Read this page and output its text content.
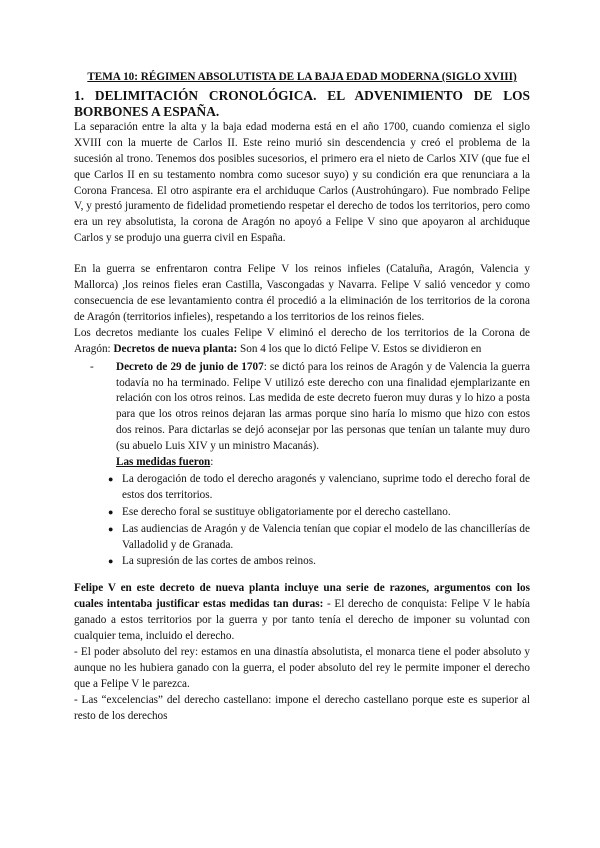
TEMA 10: RÉGIMEN ABSOLUTISTA DE LA BAJA EDAD MODERNA (SIGLO XVIII)

1. DELIMITACIÓN CRONOLÓGICA. EL ADVENIMIENTO DE LOS BORBONES A ESPAÑA.

La separación entre la alta y la baja edad moderna está en el año 1700, cuando comienza el siglo XVIII con la muerte de Carlos II. Este reino murió sin descendencia y creó el problema de la sucesión al trono. Tenemos dos posibles sucesorios, el primero era el nieto de Carlos XIV (que fue el que Carlos II en su testamento nombra como sucesor suyo) y su condición era que renunciara a la Corona Francesa. El otro aspirante era el archiduque Carlos (Austrohúngaro). Fue nombrado Felipe V, y prestó juramento de fidelidad prometiendo respetar el derecho de todos los territorios, pero como era un rey absolutista, la corona de Aragón no apoyó a Felipe V sino que apoyaron al archiduque Carlos y se produjo una guerra civil en España.

En la guerra se enfrentaron contra Felipe V los reinos infieles (Cataluña, Aragón, Valencia y Mallorca) ,los reinos fieles eran Castilla, Vascongadas y Navarra. Felipe V salió vencedor y como consecuencia de ese levantamiento contra él procedió a la eliminación de los territorios de la corona de Aragón (territorios infieles), respetando a los territorios de los reinos fieles.

Los decretos mediante los cuales Felipe V eliminó el derecho de los territorios de la Corona de Aragón: Decretos de nueva planta: Son 4 los que lo dictó Felipe V. Estos se dividieron en

-	Decreto de 29 de junio de 1707: se dictó para los reinos de Aragón y de Valencia la guerra todavía no ha terminado. Felipe V utilizó este derecho con una finalidad ejemplarizante en relación con los otros reinos. Las medida de este decreto fueron muy duras y lo hizo a posta para que los otros reinos dejaran las armas porque sino haría lo mismo que hizo con estos dos reinos. Para dictarlas se dejó aconsejar por las personas que tenían un talante muy duro (su abuelo Luis XIV y un ministro Macanás).

Las medidas fueron:
● La derogación de todo el derecho aragonés y valenciano, suprime todo el derecho foral de estos dos territorios.
● Ese derecho foral se sustituye obligatoriamente por el derecho castellano.
● Las audiencias de Aragón y de Valencia tenían que copiar el modelo de las chancillerías de Valladolid y de Granada.
● La supresión de las cortes de ambos reinos.

Felipe V en este decreto de nueva planta incluye una serie de razones, argumentos con los cuales intentaba justificar estas medidas tan duras: - El derecho de conquista: Felipe V le había ganado a estos territorios por la guerra y por tanto tenía el derecho de imponer su voluntad con cualquier tema, incluido el derecho.

- El poder absoluto del rey: estamos en una dinastía absolutista, el monarca tiene el poder absoluto y aunque no les hubiera ganado con la guerra, el poder absoluto del rey le permite imponer el derecho que a Felipe V le parezca.

- Las “excelencias” del derecho castellano: impone el derecho castellano porque este es superior al resto de los derechos
